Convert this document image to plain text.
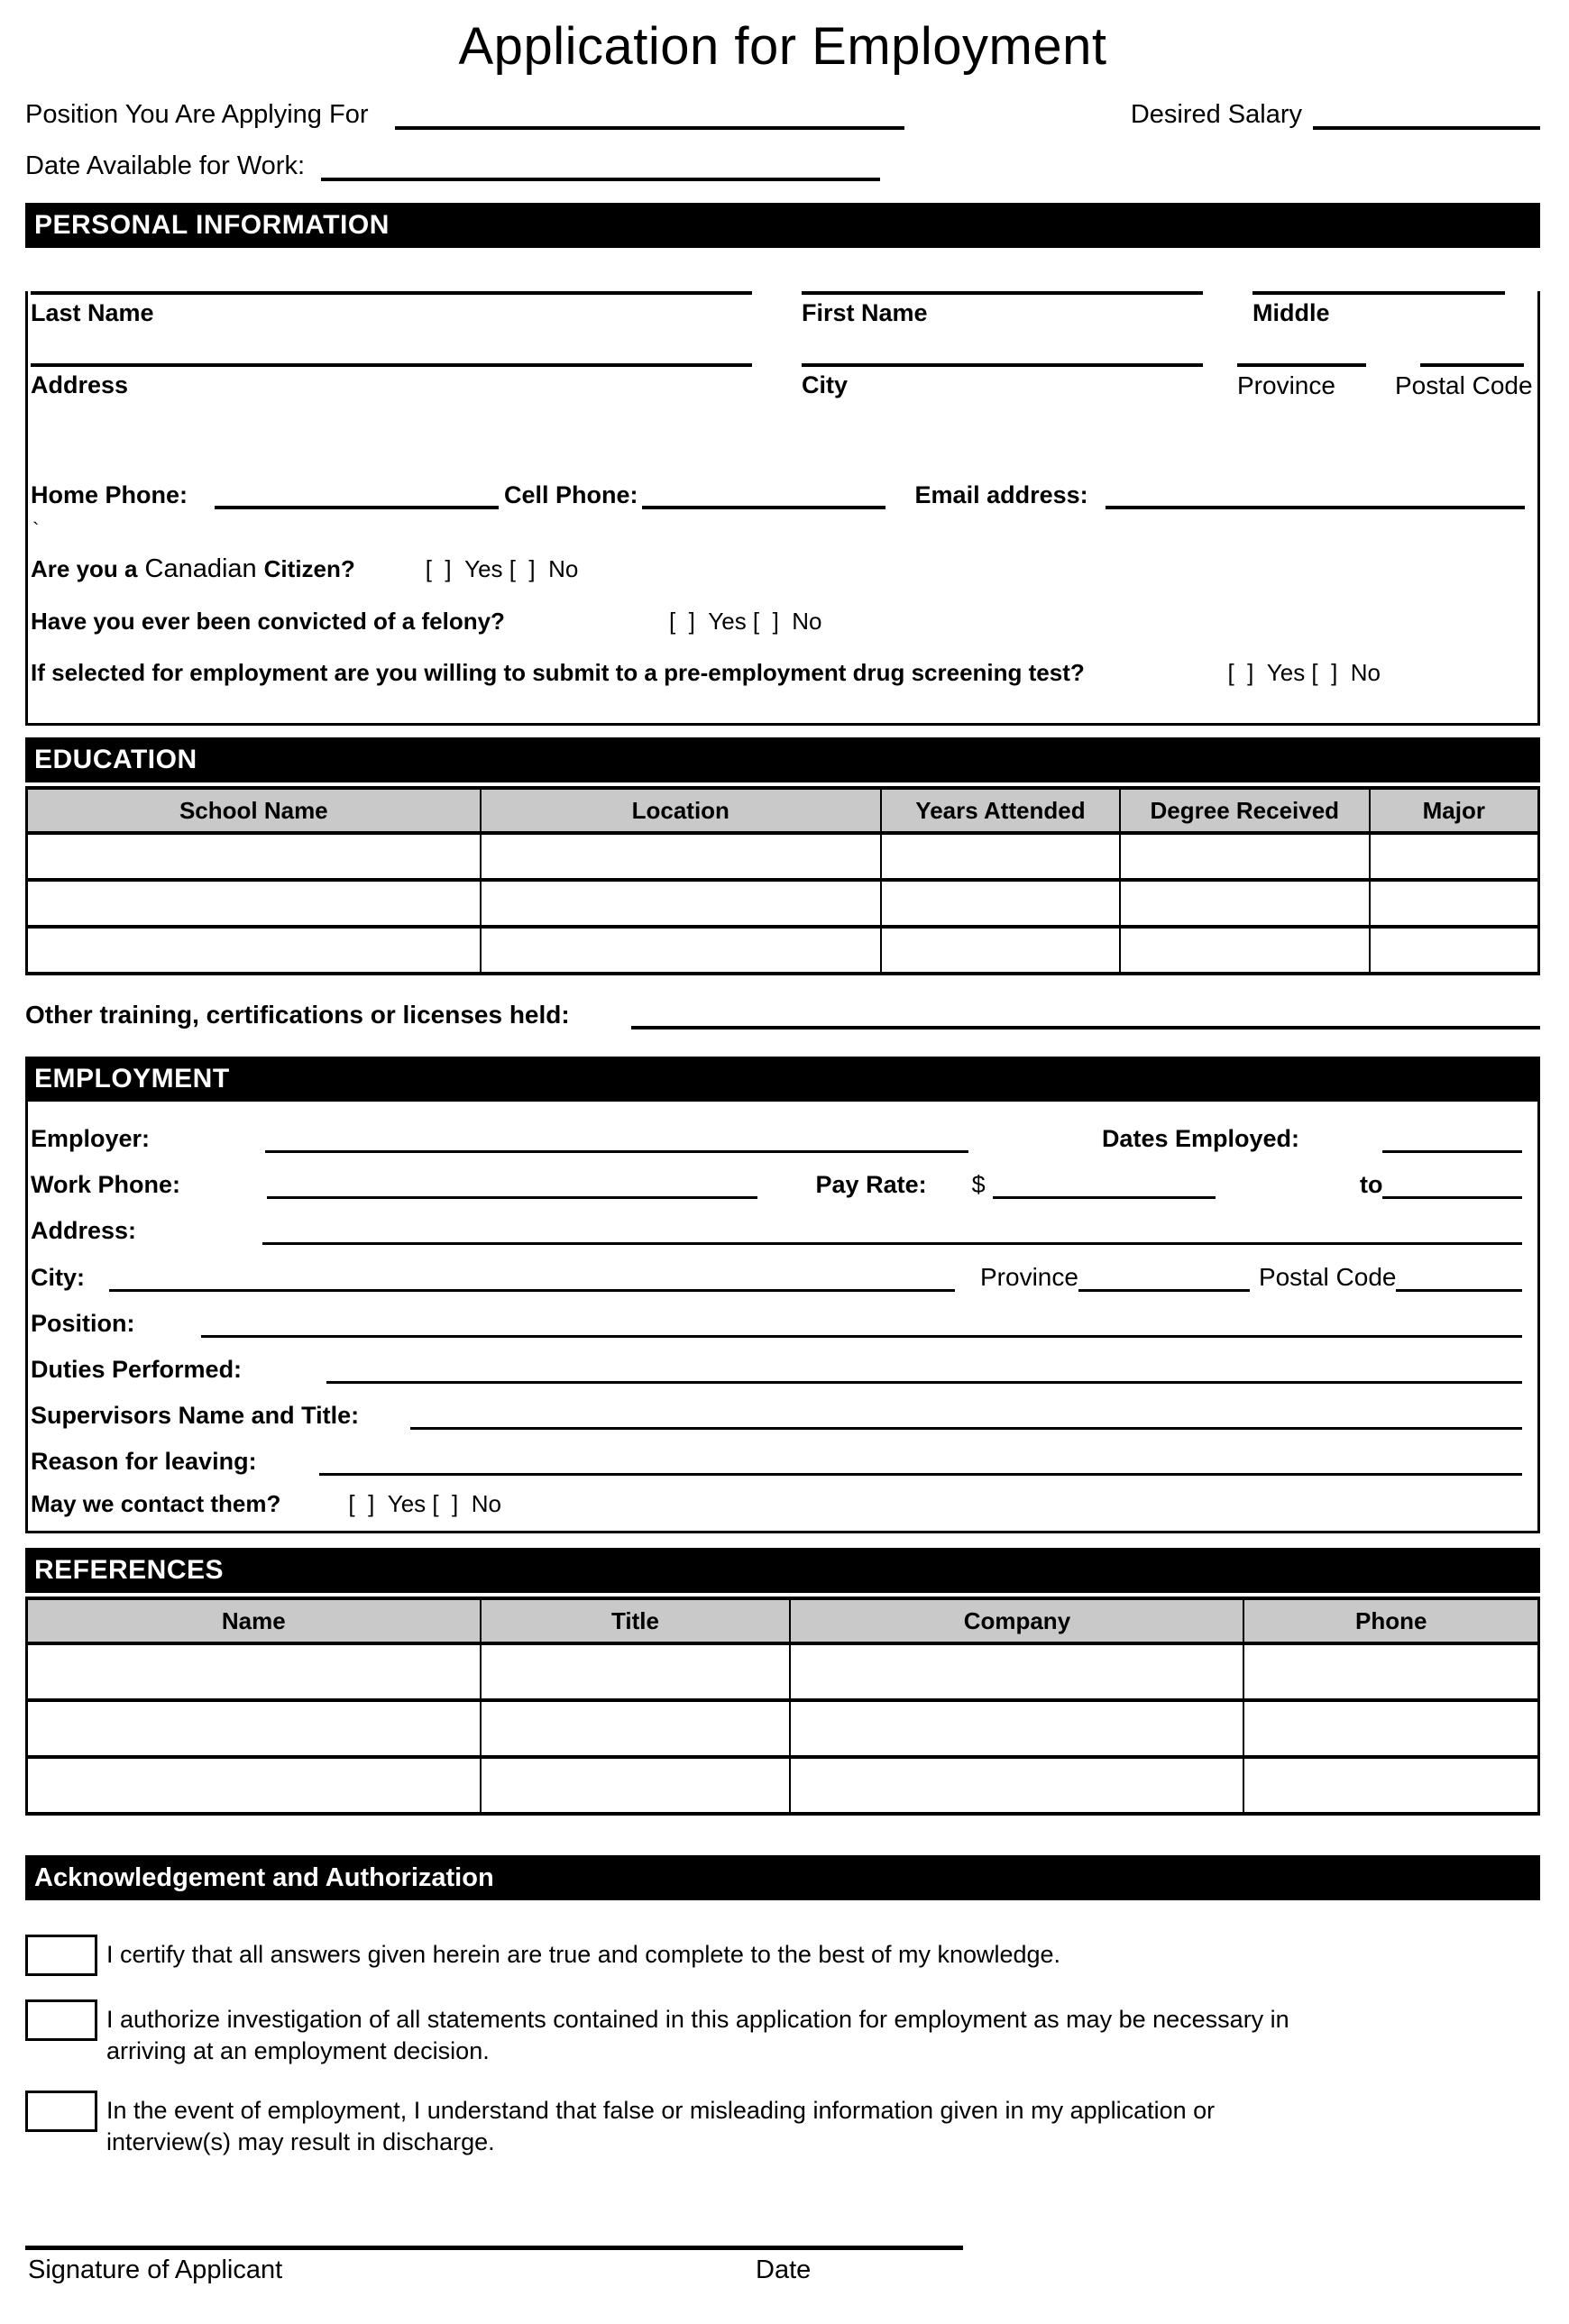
Application for Employment
Position You Are Applying For	Desired Salary
Date Available for Work:
PERSONAL INFORMATION
Last Name	First Name	Middle
Address	City	Province	Postal Code
Home Phone:	Cell Phone:	Email address:
`
Are you a Canadian Citizen?	[  ]  Yes [  ]  No
Have you ever been convicted of a felony?	[  ]  Yes [  ]  No
If selected for employment are you willing to submit to a pre-employment drug screening test?	[  ]  Yes [  ]  No
EDUCATION
School Name	Location	Years Attended	Degree Received	Major

Other training, certifications or licenses held:
EMPLOYMENT
Employer:	Dates Employed:
Work Phone:	Pay Rate: $	to
Address:
City:	Province	Postal Code
Position:
Duties Performed:
Supervisors Name and Title:
Reason for leaving:
May we contact them?	[  ]  Yes [  ]  No
REFERENCES
Name	Title	Company	Phone

Acknowledgement and Authorization
I certify that all answers given herein are true and complete to the best of my knowledge.
I authorize investigation of all statements contained in this application for employment as may be necessary in arriving at an employment decision.
In the event of employment, I understand that false or misleading information given in my application or interview(s) may result in discharge.
Signature of Applicant	Date
